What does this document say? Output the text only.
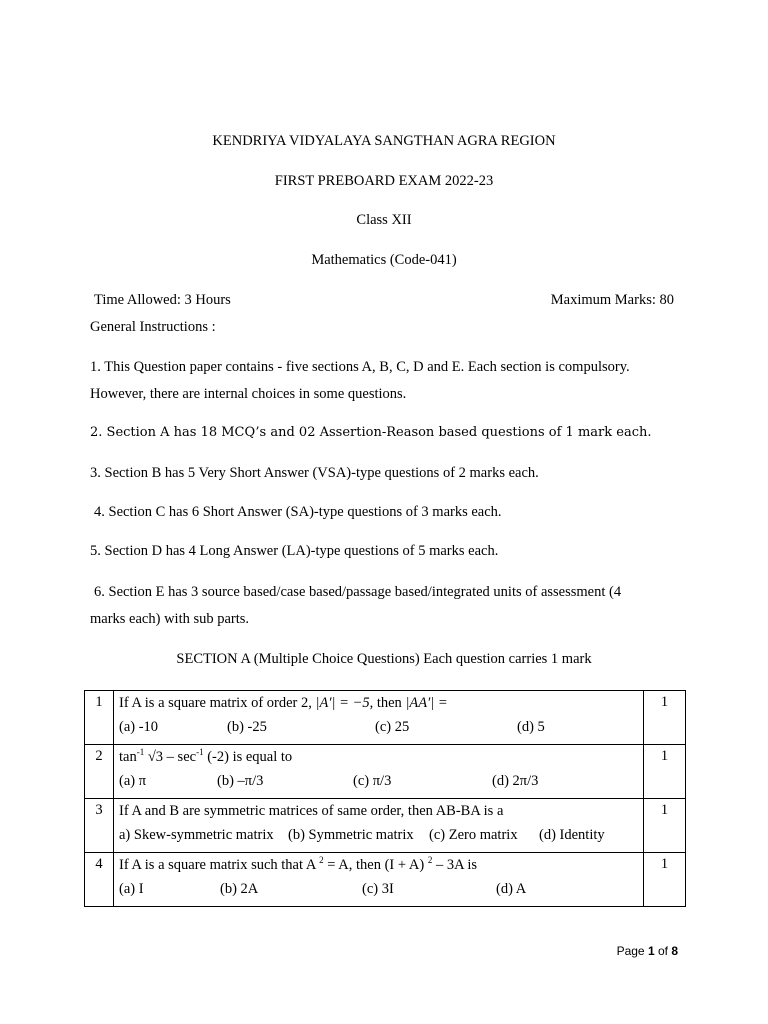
KENDRIYA VIDYALAYA SANGTHAN AGRA REGION
FIRST PREBOARD EXAM 2022-23
Class XII
Mathematics (Code-041)
Time Allowed: 3 Hours	Maximum Marks: 80
General Instructions :
1. This Question paper contains - five sections A, B, C, D and E. Each section is compulsory.
However, there are internal choices in some questions.
2. Section A has 18 MCQ’s and 02 Assertion-Reason based questions of 1 mark each.
3. Section B has 5 Very Short Answer (VSA)-type questions of 2 marks each.
4. Section C has 6 Short Answer (SA)-type questions of 3 marks each.
5. Section D has 4 Long Answer (LA)-type questions of 5 marks each.
6. Section E has 3 source based/case based/passage based/integrated units of assessment (4
marks each) with sub parts.
SECTION A (Multiple Choice Questions) Each question carries 1 mark
1	If A is a square matrix of order 2, |A′| = −5, then |AA′| =
(a) -10 (b) -25 (c) 25 (d) 5	1
2	$\tan^{-1} √3 - \sec^{-1} (-2)$ is equal to
(a) π (b) –π/3 (c) π/3 (d) 2π/3	1
3	If A and B are symmetric matrices of same order, then AB-BA is a
a) Skew-symmetric matrix (b) Symmetric matrix (c) Zero matrix (d) Identity	1
4	If A is a square matrix such that A $^2$ = A, then (I + A) $^2$ – 3A is
(a) I (b) 2A (c) 3I (d) A	1
Page 1 of 8
